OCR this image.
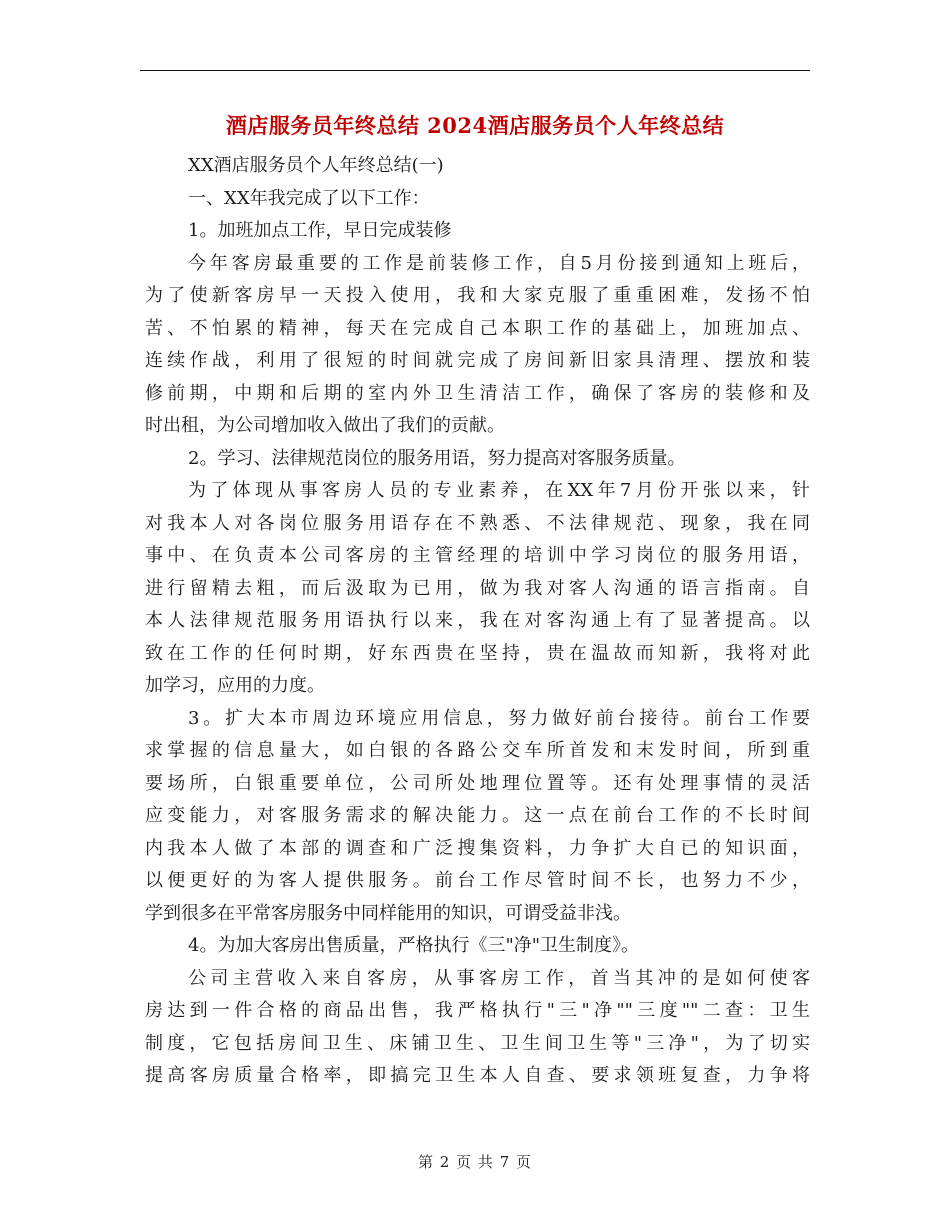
酒店服务员年终总结 2024酒店服务员个人年终总结
XX酒店服务员个人年终总结(一)
一、XX年我完成了以下工作：
1。加班加点工作，早日完成装修
今年客房最重要的工作是前装修工作，自5月份接到通知上班后，
为了使新客房早一天投入使用，我和大家克服了重重困难，发扬不怕
苦、不怕累的精神，每天在完成自己本职工作的基础上，加班加点、
连续作战，利用了很短的时间就完成了房间新旧家具清理、摆放和装
修前期，中期和后期的室内外卫生清洁工作，确保了客房的装修和及
时出租，为公司增加收入做出了我们的贡献。
2。学习、法律规范岗位的服务用语，努力提高对客服务质量。
为了体现从事客房人员的专业素养，在XX年7月份开张以来，针
对我本人对各岗位服务用语存在不熟悉、不法律规范、现象，我在同
事中、在负责本公司客房的主管经理的培训中学习岗位的服务用语，
进行留精去粗，而后汲取为已用，做为我对客人沟通的语言指南。自
本人法律规范服务用语执行以来，我在对客沟通上有了显著提高。以
致在工作的任何时期，好东西贵在坚持，贵在温故而知新，我将对此
加学习，应用的力度。
3。扩大本市周边环境应用信息，努力做好前台接待。前台工作要
求掌握的信息量大，如白银的各路公交车所首发和末发时间，所到重
要场所，白银重要单位，公司所处地理位置等。还有处理事情的灵活
应变能力，对客服务需求的解决能力。这一点在前台工作的不长时间
内我本人做了本部的调查和广泛搜集资料，力争扩大自已的知识面，
以便更好的为客人提供服务。前台工作尽管时间不长，也努力不少，
学到很多在平常客房服务中同样能用的知识，可谓受益非浅。
4。为加大客房出售质量，严格执行《三"净"卫生制度》。
公司主营收入来自客房，从事客房工作，首当其冲的是如何使客
房达到一件合格的商品出售，我严格执行"三"净""三度""二查：卫生
制度，它包括房间卫生、床铺卫生、卫生间卫生等"三净"，为了切实
提高客房质量合格率，即搞完卫生本人自查、要求领班复查，力争将
第 2 页 共 7 页
